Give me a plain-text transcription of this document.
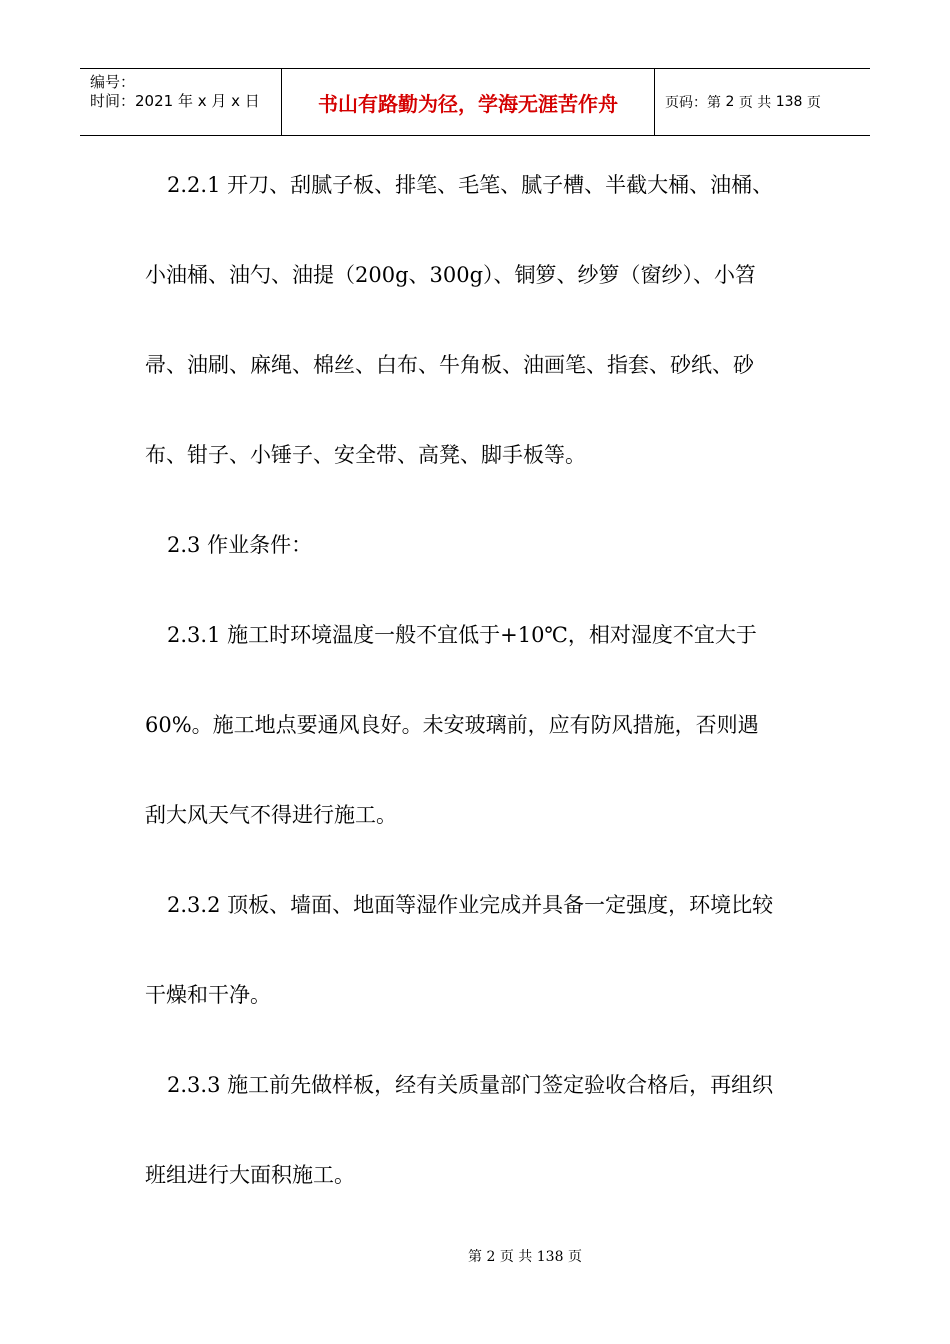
编号：
时间：2021 年 x 月 x 日	书山有路勤为径，学海无涯苦作舟	页码：第
2
页 共
138
页

2.2.1 开刀、刮腻子板、排笔、毛笔、腻子槽、半截大桶、油桶、

小油桶、油勺、油提（200g、300g）、铜箩、纱箩（窗纱）、小笤

帚、油刷、麻绳、棉丝、白布、牛角板、油画笔、指套、砂纸、砂

布、钳子、小锤子、安全带、高凳、脚手板等。

2.3 作业条件：

2.3.1 施工时环境温度一般不宜低于+10℃，相对湿度不宜大于

60%。施工地点要通风良好。未安玻璃前，应有防风措施，否则遇

刮大风天气不得进行施工。

2.3.2 顶板、墙面、地面等湿作业完成并具备一定强度，环境比较

干燥和干净。

2.3.3 施工前先做样板，经有关质量部门签定验收合格后，再组织

班组进行大面积施工。

第 2 页 共 138 页
